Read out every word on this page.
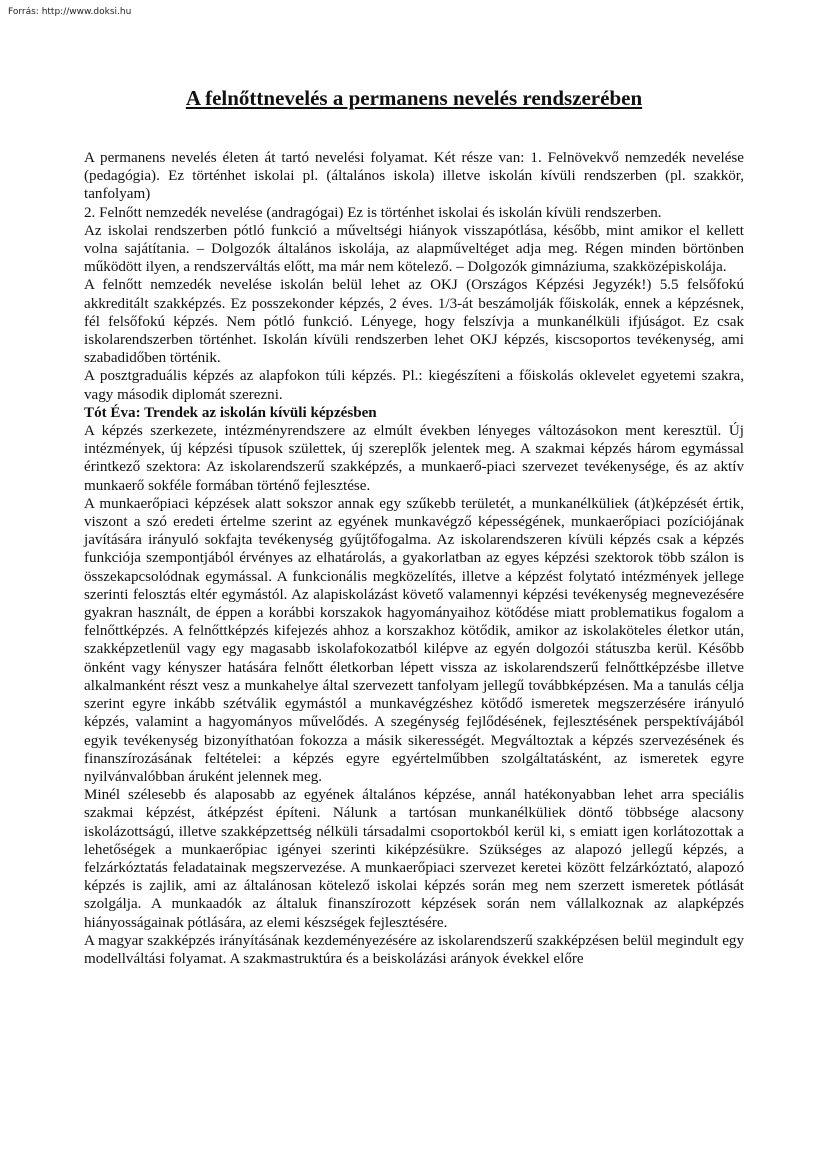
Forrás: http://www.doksi.hu
A felnőttnevelés a permanens nevelés rendszerében

A permanens nevelés életen át tartó nevelési folyamat. Két része van: 1. Felnövekvő nemzedék nevelése (pedagógia). Ez történhet iskolai pl. (általános iskola) illetve iskolán kívüli rendszerben (pl. szakkör, tanfolyam)

2. Felnőtt nemzedék nevelése (andragógai) Ez is történhet iskolai és iskolán kívüli rendszerben.

Az iskolai rendszerben pótló funkció a műveltségi hiányok visszapótlása, később, mint amikor el kellett volna sajátítania. – Dolgozók általános iskolája, az alapműveltéget adja meg. Régen minden börtönben működött ilyen, a rendszerváltás előtt, ma már nem kötelező. – Dolgozók gimnáziuma, szakközépiskolája.

A felnőtt nemzedék nevelése iskolán belül lehet az OKJ (Országos Képzési Jegyzék!) 5.5 felsőfokú akkreditált szakképzés. Ez posszekonder képzés, 2 éves. 1/3-át beszámolják főiskolák, ennek a képzésnek, fél felsőfokú képzés. Nem pótló funkció. Lényege, hogy felszívja a munkanélküli ifjúságot. Ez csak iskolarendszerben történhet. Iskolán kívüli rendszerben lehet OKJ képzés, kiscsoportos tevékenység, ami szabadidőben történik.

A posztgraduális képzés az alapfokon túli képzés. Pl.: kiegészíteni a főiskolás oklevelet egyetemi szakra, vagy második diplomát szerezni.

Tót Éva: Trendek az iskolán kívüli képzésben

A képzés szerkezete, intézményrendszere az elmúlt években lényeges változásokon ment keresztül. Új intézmények, új képzési típusok születtek, új szereplők jelentek meg. A szakmai képzés három egymással érintkező szektora: Az iskolarendszerű szakképzés, a munkaerő-piaci szervezet tevékenysége, és az aktív munkaerő sokféle formában történő fejlesztése.

A munkaerőpiaci képzések alatt sokszor annak egy szűkebb területét, a munkanélküliek (át)képzését értik, viszont a szó eredeti értelme szerint az egyének munkavégző képességének, munkaerőpiaci pozíciójának javítására irányuló sokfajta tevékenység gyűjtőfogalma. Az iskolarendszeren kívüli képzés csak a képzés funkciója szempontjából érvényes az elhatárolás, a gyakorlatban az egyes képzési szektorok több szálon is összekapcsolódnak egymással. A funkcionális megközelítés, illetve a képzést folytató intézmények jellege szerinti felosztás eltér egymástól. Az alapiskolázást követő valamennyi képzési tevékenység megnevezésére gyakran használt, de éppen a korábbi korszakok hagyományaihoz kötődése miatt problematikus fogalom a felnőttképzés. A felnőttképzés kifejezés ahhoz a korszakhoz kötődik, amikor az iskolaköteles életkor után, szakképzetlenül vagy egy magasabb iskolafokozatból kilépve az egyén dolgozói státuszba kerül. Később önként vagy kényszer hatására felnőtt életkorban lépett vissza az iskolarendszerű felnőttképzésbe illetve alkalmanként részt vesz a munkahelye által szervezett tanfolyam jellegű továbbképzésen. Ma a tanulás célja szerint egyre inkább szétválik egymástól a munkavégzéshez kötődő ismeretek megszerzésére irányuló képzés, valamint a hagyományos művelődés. A szegénység fejlődésének, fejlesztésének perspektívájából egyik tevékenység bizonyíthatóan fokozza a másik sikerességét. Megváltoztak a képzés szervezésének és finanszírozásának feltételei: a képzés egyre egyértelműbben szolgáltatásként, az ismeretek egyre nyilvánvalóbban áruként jelennek meg.

Minél szélesebb és alaposabb az egyének általános képzése, annál hatékonyabban lehet arra speciális szakmai képzést, átképzést építeni. Nálunk a tartósan munkanélküliek döntő többsége alacsony iskolázottságú, illetve szakképzettség nélküli társadalmi csoportokból kerül ki, s emiatt igen korlátozottak a lehetőségek a munkaerőpiac igényei szerinti kiképzésükre. Szükséges az alapozó jellegű képzés, a felzárkóztatás feladatainak megszervezése. A munkaerőpiaci szervezet keretei között felzárkóztató, alapozó képzés is zajlik, ami az általánosan kötelező iskolai képzés során meg nem szerzett ismeretek pótlását szolgálja. A munkaadók az általuk finanszírozott képzések során nem vállalkoznak az alapképzés hiányosságainak pótlására, az elemi készségek fejlesztésére.

A magyar szakképzés irányításának kezdeményezésére az iskolarendszerű szakképzésen belül megindult egy modellváltási folyamat. A szakmastruktúra és a beiskolázási arányok évekkel előre
